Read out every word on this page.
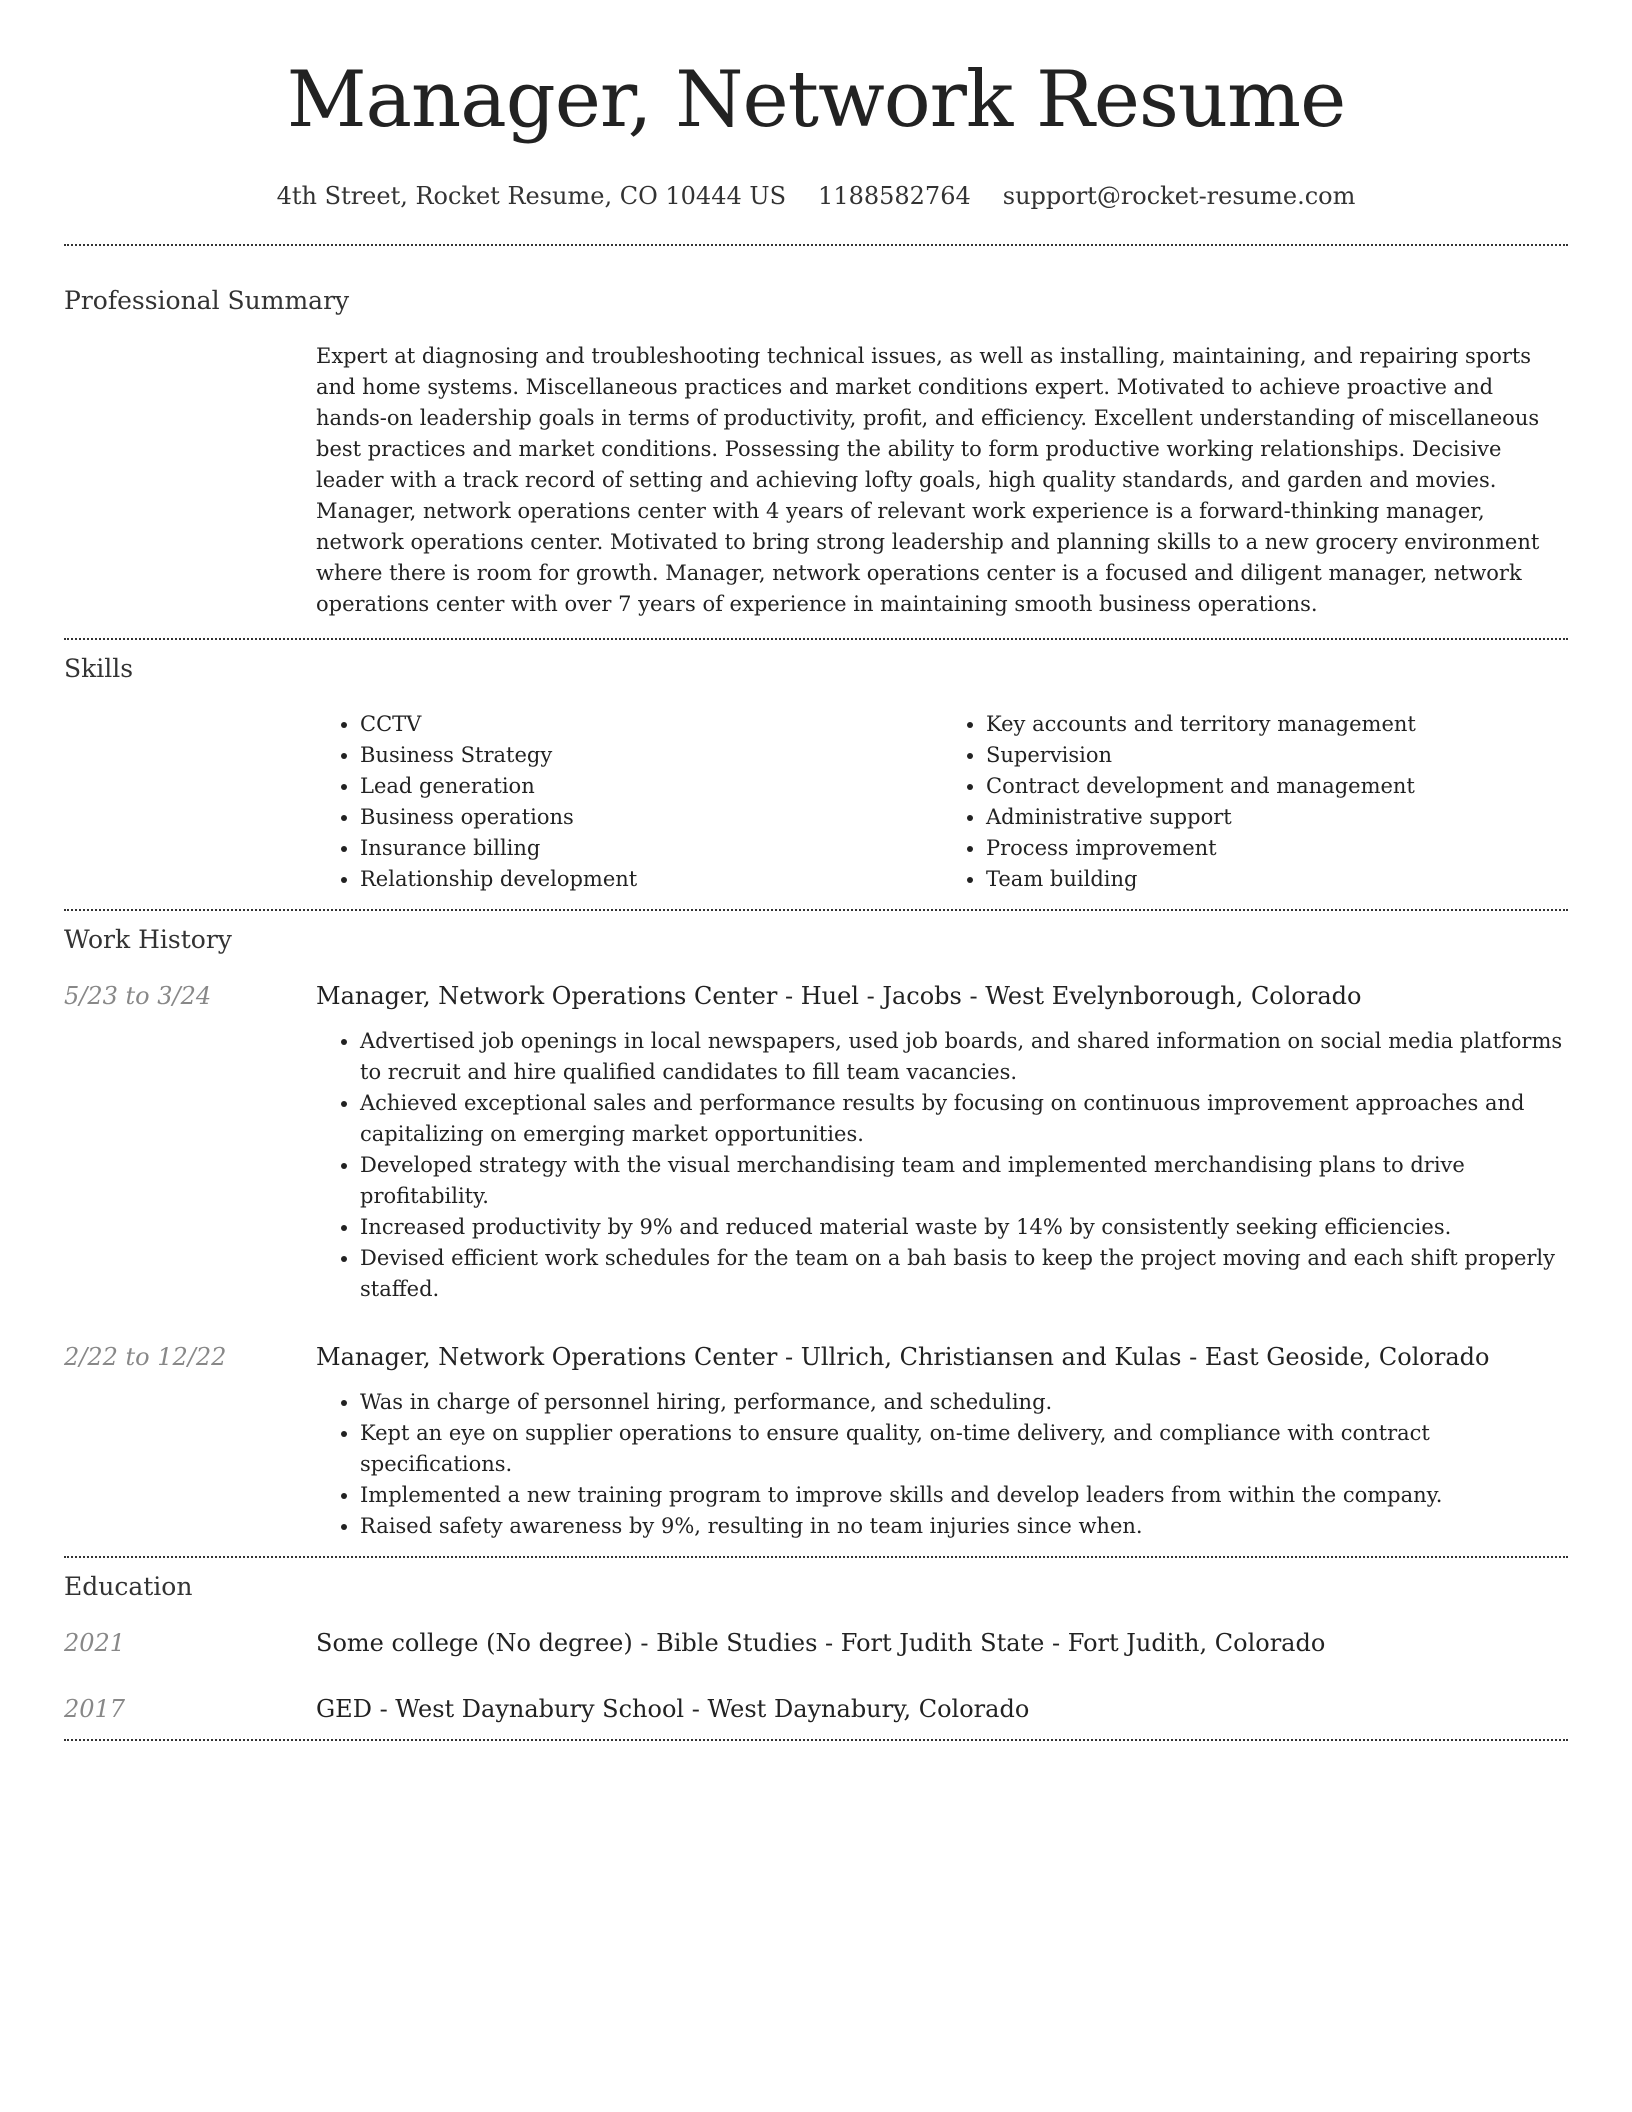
Manager, Network Resume
4th Street, Rocket Resume, CO 10444 US 1188582764 support@rocket-resume.com
Professional Summary

Expert at diagnosing and troubleshooting technical issues, as well as installing, maintaining, and repairing sports and home systems. Miscellaneous practices and market conditions expert. Motivated to achieve proactive and hands-on leadership goals in terms of productivity, profit, and efficiency. Excellent understanding of miscellaneous best practices and market conditions. Possessing the ability to form productive working relationships. Decisive leader with a track record of setting and achieving lofty goals, high quality standards, and garden and movies. Manager, network operations center with 4 years of relevant work experience is a forward-thinking manager, network operations center. Motivated to bring strong leadership and planning skills to a new grocery environment where there is room for growth. Manager, network operations center is a focused and diligent manager, network operations center with over 7 years of experience in maintaining smooth business operations.

Skills
• CCTV
• Business Strategy
• Lead generation
• Business operations
• Insurance billing
• Relationship development
• Key accounts and territory management
• Supervision
• Contract development and management
• Administrative support
• Process improvement
• Team building
Work History
5/23 to 3/24	Manager, Network Operations Center - Huel - Jacobs - West Evelynborough, Colorado
• Advertised job openings in local newspapers, used job boards, and shared information on social media platforms to recruit and hire qualified candidates to fill team vacancies.
• Achieved exceptional sales and performance results by focusing on continuous improvement approaches and capitalizing on emerging market opportunities.
• Developed strategy with the visual merchandising team and implemented merchandising plans to drive profitability.
• Increased productivity by 9% and reduced material waste by 14% by consistently seeking efficiencies.
• Devised efficient work schedules for the team on a bah basis to keep the project moving and each shift properly staffed.
2/22 to 12/22	Manager, Network Operations Center - Ullrich, Christiansen and Kulas - East Geoside, Colorado
• Was in charge of personnel hiring, performance, and scheduling.
• Kept an eye on supplier operations to ensure quality, on-time delivery, and compliance with contract specifications.
• Implemented a new training program to improve skills and develop leaders from within the company.
• Raised safety awareness by 9%, resulting in no team injuries since when.
Education
2021	Some college (No degree) - Bible Studies - Fort Judith State - Fort Judith, Colorado
2017	GED - West Daynabury School - West Daynabury, Colorado
